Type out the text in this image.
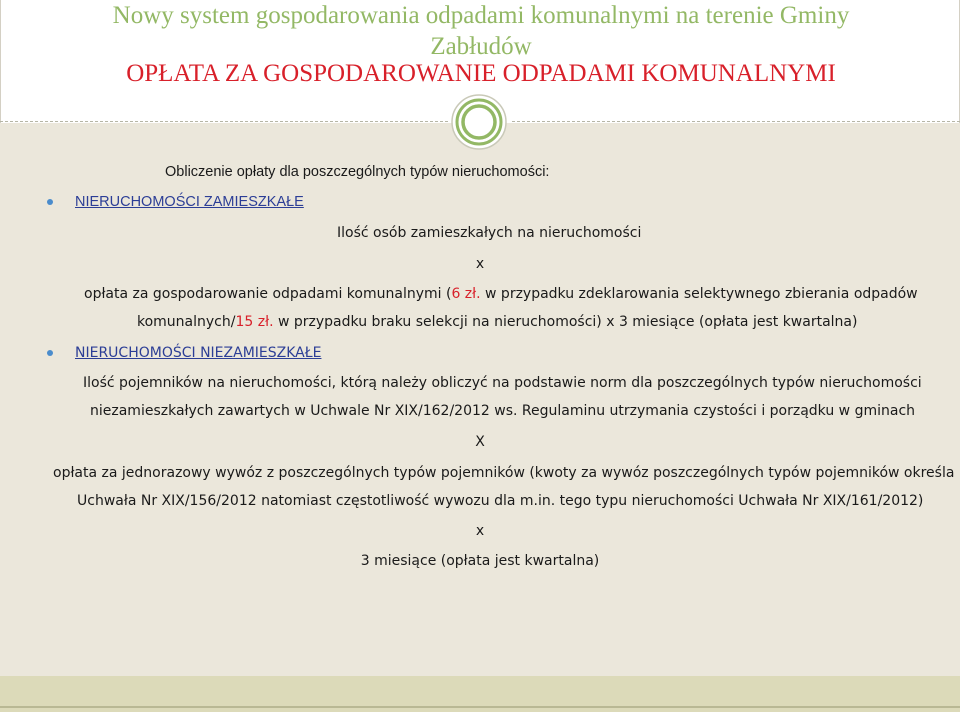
Nowy system gospodarowania odpadami komunalnymi na terenie Gminy
Zabłudów
OPŁATA ZA GOSPODAROWANIE ODPADAMI KOMUNALNYMI
Obliczenie opłaty dla poszczególnych typów nieruchomości:
NIERUCHOMOŚCI ZAMIESZKAŁE
Ilość osób zamieszkałych na nieruchomości
x
opłata za gospodarowanie odpadami komunalnymi (6 zł. w przypadku zdeklarowania selektywnego zbierania odpadów
komunalnych/15 zł. w przypadku braku selekcji na nieruchomości) x 3 miesiące (opłata jest kwartalna)
NIERUCHOMOŚCI NIEZAMIESZKAŁE
Ilość pojemników na nieruchomości, którą należy obliczyć na podstawie norm dla poszczególnych typów nieruchomości
niezamieszkałych zawartych w Uchwale Nr XIX/162/2012 ws. Regulaminu utrzymania czystości i porządku w gminach
X
opłata za jednorazowy wywóz z poszczególnych typów pojemników (kwoty za wywóz poszczególnych typów pojemników określa
Uchwała Nr XIX/156/2012 natomiast częstotliwość wywozu dla m.in. tego typu nieruchomości Uchwała Nr XIX/161/2012)
x
3 miesiące (opłata jest kwartalna)
